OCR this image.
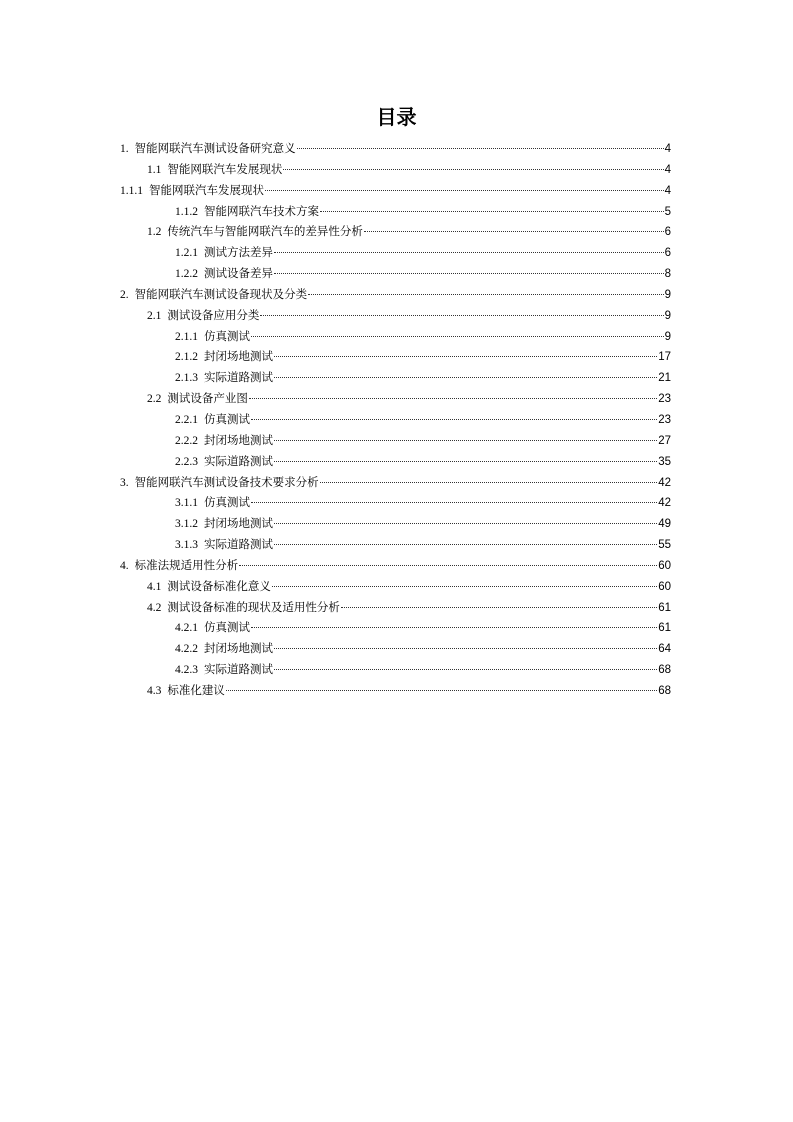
目录
1. 智能网联汽车测试设备研究意义	4
1.1 智能网联汽车发展现状	4
1.1.1 智能网联汽车发展现状	4
1.1.2 智能网联汽车技术方案	5
1.2 传统汽车与智能网联汽车的差异性分析	6
1.2.1 测试方法差异	6
1.2.2 测试设备差异	8
2. 智能网联汽车测试设备现状及分类	9
2.1 测试设备应用分类	9
2.1.1 仿真测试	9
2.1.2 封闭场地测试	17
2.1.3 实际道路测试	21
2.2 测试设备产业图	23
2.2.1 仿真测试	23
2.2.2 封闭场地测试	27
2.2.3 实际道路测试	35
3. 智能网联汽车测试设备技术要求分析	42
3.1.1 仿真测试	42
3.1.2 封闭场地测试	49
3.1.3 实际道路测试	55
4. 标准法规适用性分析	60
4.1 测试设备标准化意义	60
4.2 测试设备标准的现状及适用性分析	61
4.2.1 仿真测试	61
4.2.2 封闭场地测试	64
4.2.3 实际道路测试	68
4.3 标准化建议	68
